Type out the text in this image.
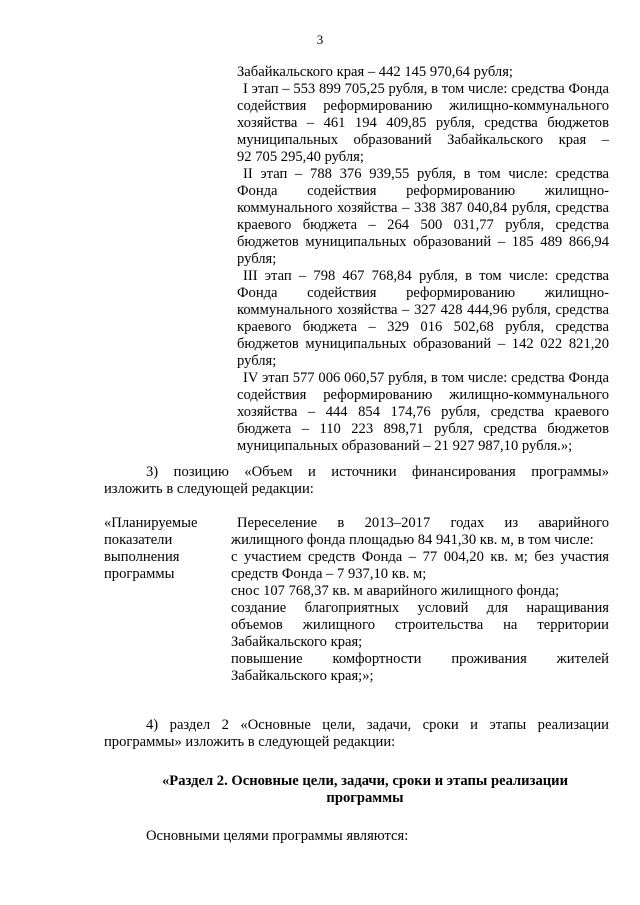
3
Забайкальского края – 442 145 970,64 рубля;
I этап – 553 899 705,25 рубля, в том числе: средства Фонда
содействия реформированию жилищно-коммунального
хозяйства – 461 194 409,85 рубля, средства бюджетов
муниципальных образований Забайкальского края –
92 705 295,40 рубля;
II этап – 788 376 939,55 рубля, в том числе: средства
Фонда содействия реформированию жилищно-
коммунального хозяйства – 338 387 040,84 рубля, средства
краевого бюджета – 264 500 031,77 рубля, средства
бюджетов муниципальных образований – 185 489 866,94
рубля;
III этап – 798 467 768,84 рубля, в том числе: средства
Фонда содействия реформированию жилищно-
коммунального хозяйства – 327 428 444,96 рубля, средства
краевого бюджета – 329 016 502,68 рубля, средства
бюджетов муниципальных образований – 142 022 821,20
рубля;
IV этап 577 006 060,57 рубля, в том числе: средства Фонда
содействия реформированию жилищно-коммунального
хозяйства – 444 854 174,76 рубля, средства краевого
бюджета – 110 223 898,71 рубля, средства бюджетов
муниципальных образований – 21 927 987,10 рубля.»;
3) позицию «Объем и источники финансирования программы»
изложить в следующей редакции:
«Планируемые
показатели
выполнения
программы
Переселение в 2013–2017 годах из аварийного
жилищного фонда площадью 84 941,30 кв. м, в том числе:
с участием средств Фонда – 77 004,20 кв. м; без участия
средств Фонда – 7 937,10 кв. м;
снос 107 768,37 кв. м аварийного жилищного фонда;
создание благоприятных условий для наращивания
объемов жилищного строительства на территории
Забайкальского края;
повышение комфортности проживания жителей
Забайкальского края;»;
4) раздел 2 «Основные цели, задачи, сроки и этапы реализации
программы» изложить в следующей редакции:
«Раздел 2. Основные цели, задачи, сроки и этапы реализации
программы
Основными целями программы являются:
